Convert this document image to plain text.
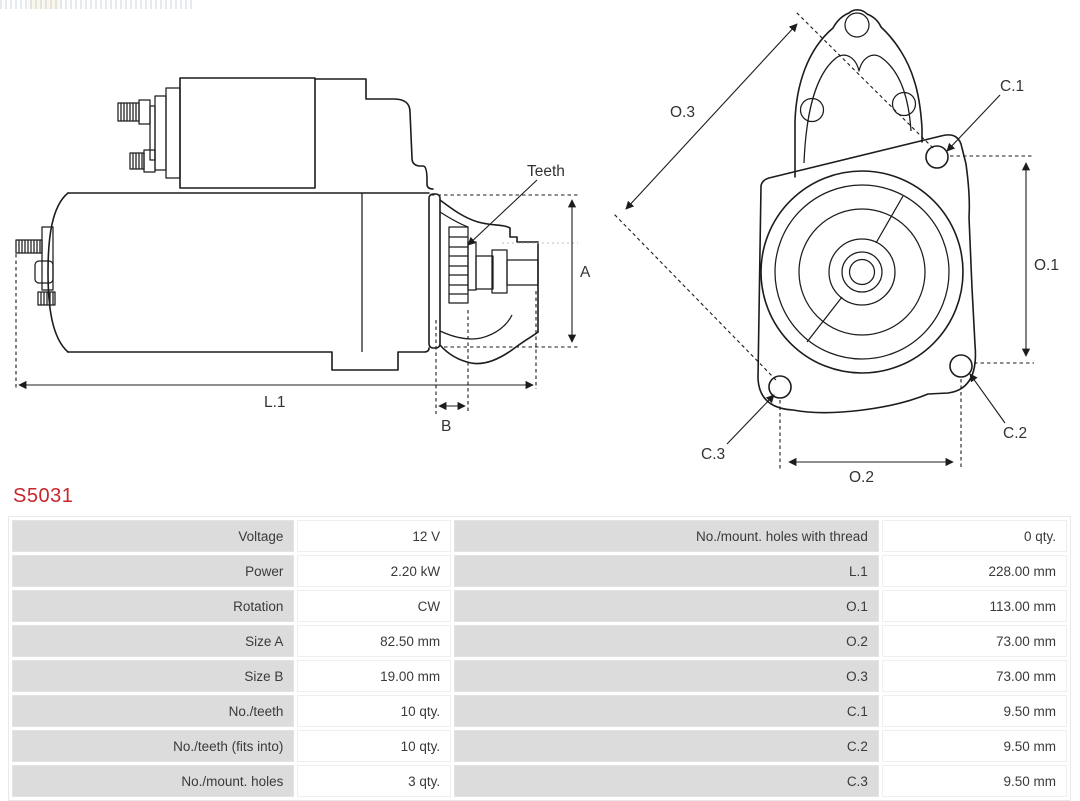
Teeth
A
L.1
B
O.3
C.1
O.1
C.2
C.3
O.2
S5031
Voltage	12 V	No./mount. holes with thread	0 qty.
Power	2.20 kW	L.1	228.00 mm
Rotation	CW	O.1	113.00 mm
Size A	82.50 mm	O.2	73.00 mm
Size B	19.00 mm	O.3	73.00 mm
No./teeth	10 qty.	C.1	9.50 mm
No./teeth (fits into)	10 qty.	C.2	9.50 mm
No./mount. holes	3 qty.	C.3	9.50 mm
